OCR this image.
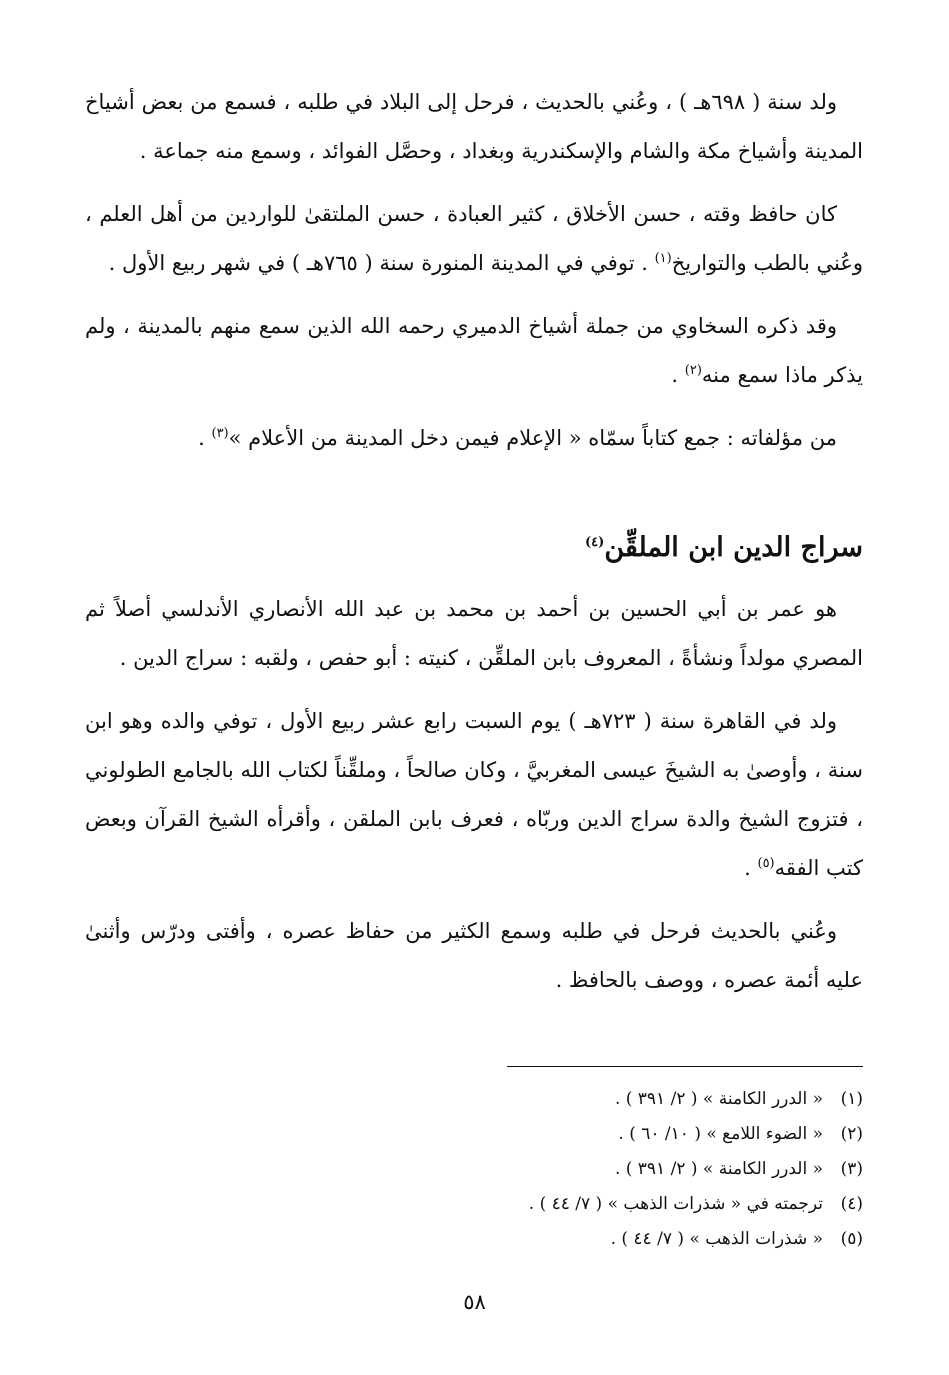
ولد سنة ( ٦٩٨هـ ) ، وعُني بالحديث ، فرحل إلى البلاد في طلبه ، فسمع من بعض أشياخ المدينة وأشياخ مكة والشام والإسكندرية وبغداد ، وحصَّل الفوائد ، وسمع منه جماعة .

كان حافظ وقته ، حسن الأخلاق ، كثير العبادة ، حسن الملتقىٰ للواردين من أهل العلم ، وعُني بالطب والتواريخ$^{(١)}$ . توفي في المدينة المنورة سنة ( ٧٦٥هـ ) في شهر ربيع الأول .

وقد ذكره السخاوي من جملة أشياخ الدميري رحمه الله الذين سمع منهم بالمدينة ، ولم يذكر ماذا سمع منه$^{(٢)}$ .

من مؤلفاته : جمع كتاباً سمّاه « الإعلام فيمن دخل المدينة من الأعلام »$^{(٣)}$ .

سراج الدين ابن الملقِّن$^{(٤)}$

هو عمر بن أبي الحسين بن أحمد بن محمد بن عبد الله الأنصاري الأندلسي أصلاً ثم المصري مولداً ونشأةً ، المعروف بابن الملقِّن ، كنيته : أبو حفص ، ولقبه : سراج الدين .

ولد في القاهرة سنة ( ٧٢٣هـ ) يوم السبت رابع عشر ربيع الأول ، توفي والده وهو ابن سنة ، وأوصىٰ به الشيخَ عيسى المغربيَّ ، وكان صالحاً ، وملقِّناً لكتاب الله بالجامع الطولوني ، فتزوج الشيخ والدة سراج الدين وربّاه ، فعرف بابن الملقن ، وأقرأه الشيخ القرآن وبعض كتب الفقه$^{(٥)}$ .

وعُني بالحديث فرحل في طلبه وسمع الكثير من حفاظ عصره ، وأفتى ودرّس وأثنىٰ عليه أئمة عصره ، ووصف بالحافظ .

(١)
« الدرر الكامنة » ( ٢/ ٣٩١ ) .
(٢)
« الضوء اللامع » ( ١٠/ ٦٠ ) .
(٣)
« الدرر الكامنة » ( ٢/ ٣٩١ ) .
(٤)
ترجمته في « شذرات الذهب » ( ٧/ ٤٤ ) .
(٥)
« شذرات الذهب » ( ٧/ ٤٤ ) .
٥٨
